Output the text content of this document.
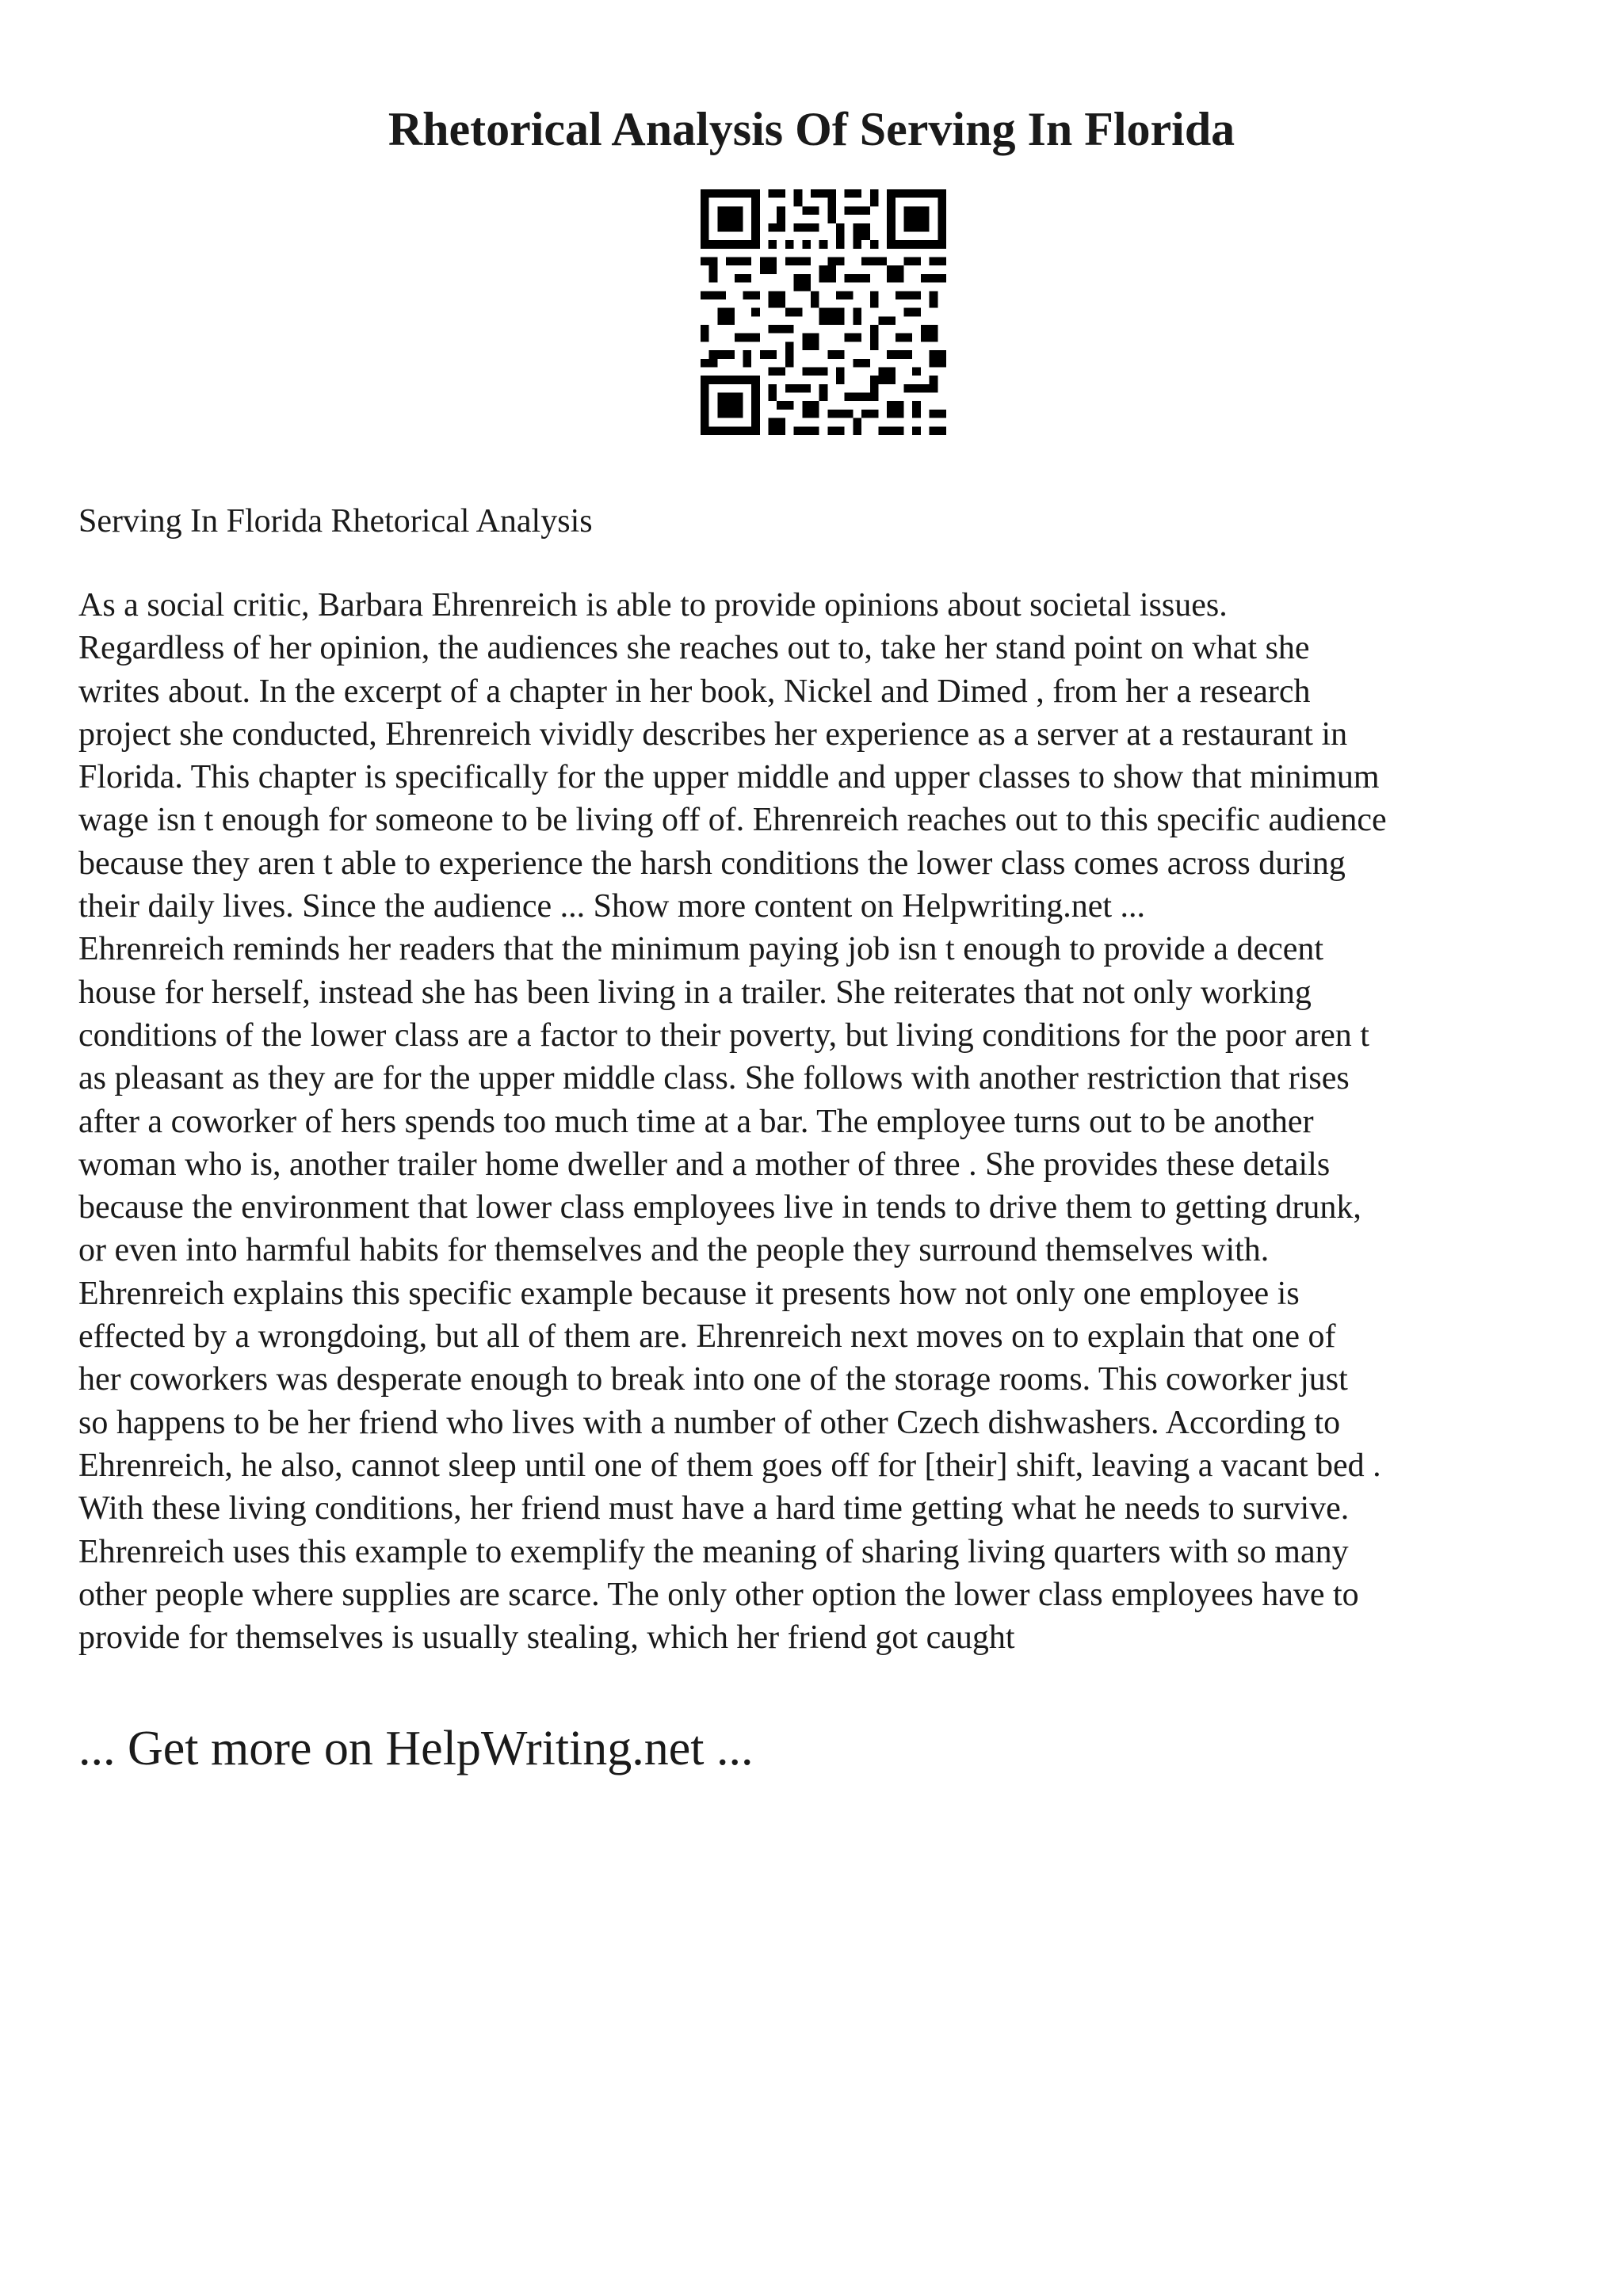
Rhetorical Analysis Of Serving In Florida

Serving In Florida Rhetorical Analysis

As a social critic, Barbara Ehrenreich is able to provide opinions about societal issues.
Regardless of her opinion, the audiences she reaches out to, take her stand point on what she
writes about. In the excerpt of a chapter in her book, Nickel and Dimed , from her a research
project she conducted, Ehrenreich vividly describes her experience as a server at a restaurant in
Florida. This chapter is specifically for the upper middle and upper classes to show that minimum
wage isn t enough for someone to be living off of. Ehrenreich reaches out to this specific audience
because they aren t able to experience the harsh conditions the lower class comes across during
their daily lives. Since the audience ... Show more content on Helpwriting.net ...
Ehrenreich reminds her readers that the minimum paying job isn t enough to provide a decent
house for herself, instead she has been living in a trailer. She reiterates that not only working
conditions of the lower class are a factor to their poverty, but living conditions for the poor aren t
as pleasant as they are for the upper middle class. She follows with another restriction that rises
after a coworker of hers spends too much time at a bar. The employee turns out to be another
woman who is, another trailer home dweller and a mother of three . She provides these details
because the environment that lower class employees live in tends to drive them to getting drunk,
or even into harmful habits for themselves and the people they surround themselves with.
Ehrenreich explains this specific example because it presents how not only one employee is
effected by a wrongdoing, but all of them are. Ehrenreich next moves on to explain that one of
her coworkers was desperate enough to break into one of the storage rooms. This coworker just
so happens to be her friend who lives with a number of other Czech dishwashers. According to
Ehrenreich, he also, cannot sleep until one of them goes off for [their] shift, leaving a vacant bed .
With these living conditions, her friend must have a hard time getting what he needs to survive.
Ehrenreich uses this example to exemplify the meaning of sharing living quarters with so many
other people where supplies are scarce. The only other option the lower class employees have to
provide for themselves is usually stealing, which her friend got caught

... Get more on HelpWriting.net ...
